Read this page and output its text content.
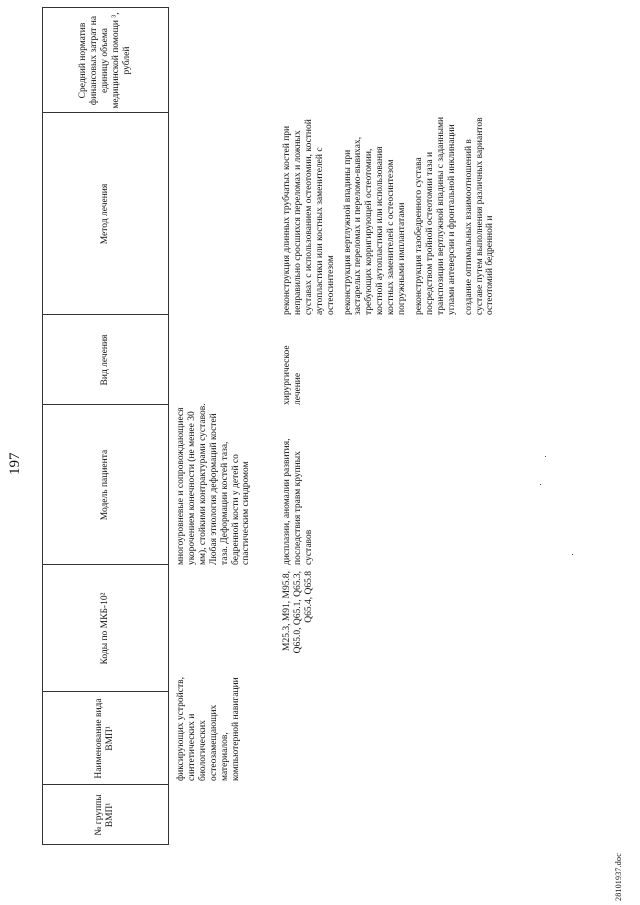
197
№ группы ВМП¹
Наименование вида ВМП¹
Коды по МКБ-10²
Модель пациента
Вид лечения
Метод лечения
Средний норматив финансовых затрат на единицу объема медицинской помощи ³, рублей
фиксирующих устройств, синтетических и биологических остеозамещающих материалов, компьютерной навигации
многоуровневые и сопровождающиеся укорочением конечности (не менее 30 мм), стойкими контрактурами суставов. Любая этиология деформаций костей таза. Деформации костей таза, бедренной кости у детей со спастическим синдромом
M25.3, M91, M95.8, Q65.0, Q65.1, Q65.3, Q65.4, Q65.8
дисплазии, аномалии развития, последствия травм крупных суставов
хирургическое лечение

реконструкция длинных трубчатых костей при неправильно сросшихся переломах и ложных суставах с использованием остеотомии, костной аутопластики или костных заменителей с остеосинтезом реконструкция вертлужной впадины при застарелых переломах и переломо-вывихах, требующих корригирующей остеотомии, костной аутопластики или использования костных заменителей с остеосинтезом погружными имплантатами реконструкция тазобедренного сустава посредством тройной остеотомии таза и транспозиции вертлужной впадины с заданными углами антеверсии и фронтальной инклинации создание оптимальных взаимоотношений в суставе путем выполнения различных вариантов остеотомий бедренной и

28101937.doc
